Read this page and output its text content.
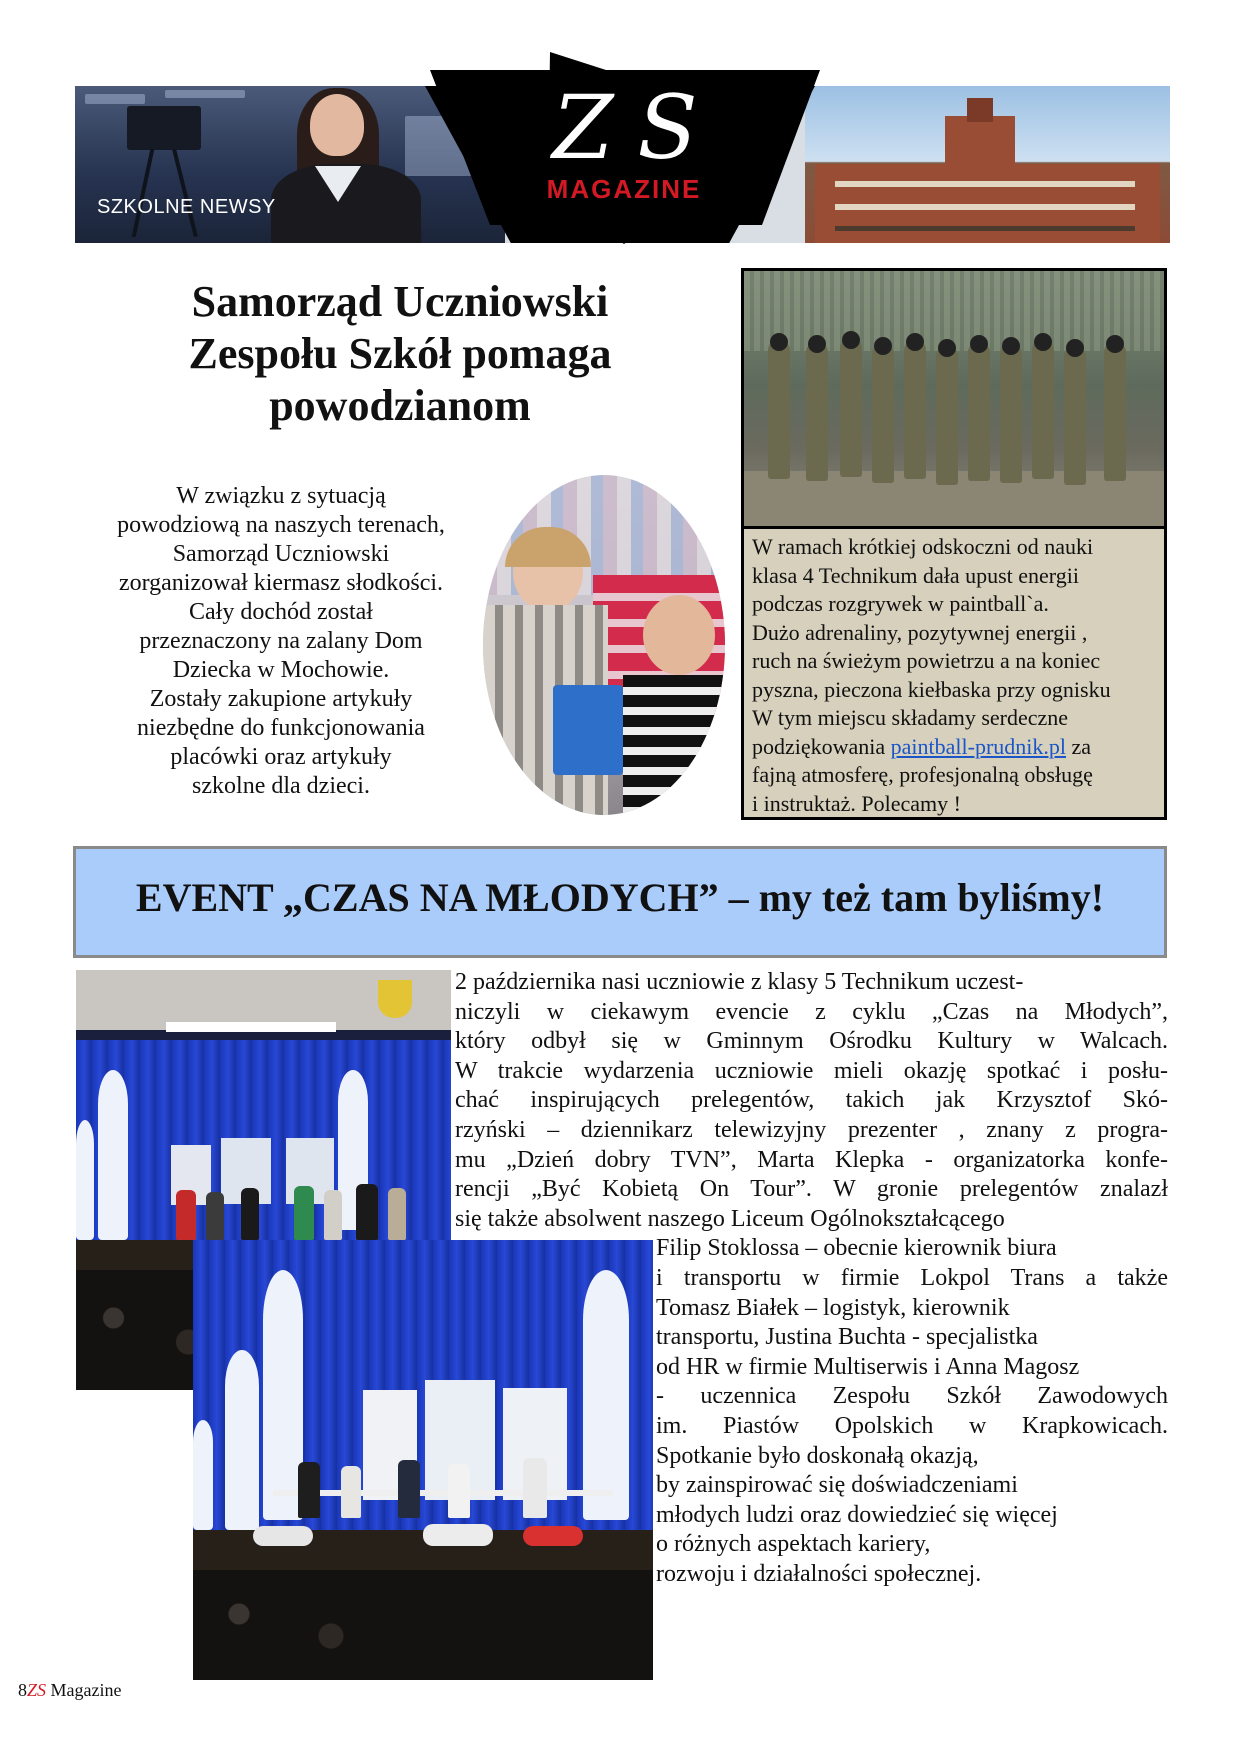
SZKOLNE NEWSY
Z S
MAGAZINE
Samorząd Uczniowski
Zespołu Szkół pomaga
powodzianom
W związku z sytuacją
powodziową na naszych terenach,
Samorząd Uczniowski
zorganizował kiermasz słodkości.
Cały dochód został
przeznaczony na zalany Dom
Dziecka w Mochowie.
Zostały zakupione artykuły
niezbędne do funkcjonowania
placówki oraz artykuły
szkolne dla dzieci.
W ramach krótkiej odskoczni od nauki
klasa 4 Technikum dała upust energii
podczas rozgrywek w paintball`a.
Dużo adrenaliny, pozytywnej energii ,
ruch na świeżym powietrzu a na koniec
pyszna, pieczona kiełbaska przy ognisku
W tym miejscu składamy serdeczne
podziękowania paintball-prudnik.pl za
fajną atmosferę, profesjonalną obsługę
i instruktaż. Polecamy !
EVENT „CZAS NA MŁODYCH” – my też tam byliśmy!
2 października nasi uczniowie z klasy 5 Technikum uczest-
niczyli w ciekawym evencie z cyklu „Czas na Młodych”,
który odbył się w Gminnym Ośrodku Kultury w Walcach.
W trakcie wydarzenia uczniowie mieli okazję spotkać i posłu-
chać inspirujących prelegentów, takich jak Krzysztof Skó-
rzyński – dziennikarz telewizyjny prezenter , znany z progra-
mu „Dzień dobry TVN”, Marta Klepka - organizatorka konfe-
rencji „Być Kobietą On Tour”. W gronie prelegentów znalazł
się także absolwent naszego Liceum Ogólnokształcącego
Filip Stoklossa – obecnie kierownik biura
i transportu w firmie Lokpol Trans a także
Tomasz Białek – logistyk, kierownik
transportu, Justina Buchta - specjalistka
od HR w firmie Multiserwis i Anna Magosz
- uczennica Zespołu Szkół Zawodowych
im. Piastów Opolskich w Krapkowicach.
Spotkanie było doskonałą okazją,
by zainspirować się doświadczeniami
młodych ludzi oraz dowiedzieć się więcej
o różnych aspektach kariery,
rozwoju i działalności społecznej.
8ZS Magazine
